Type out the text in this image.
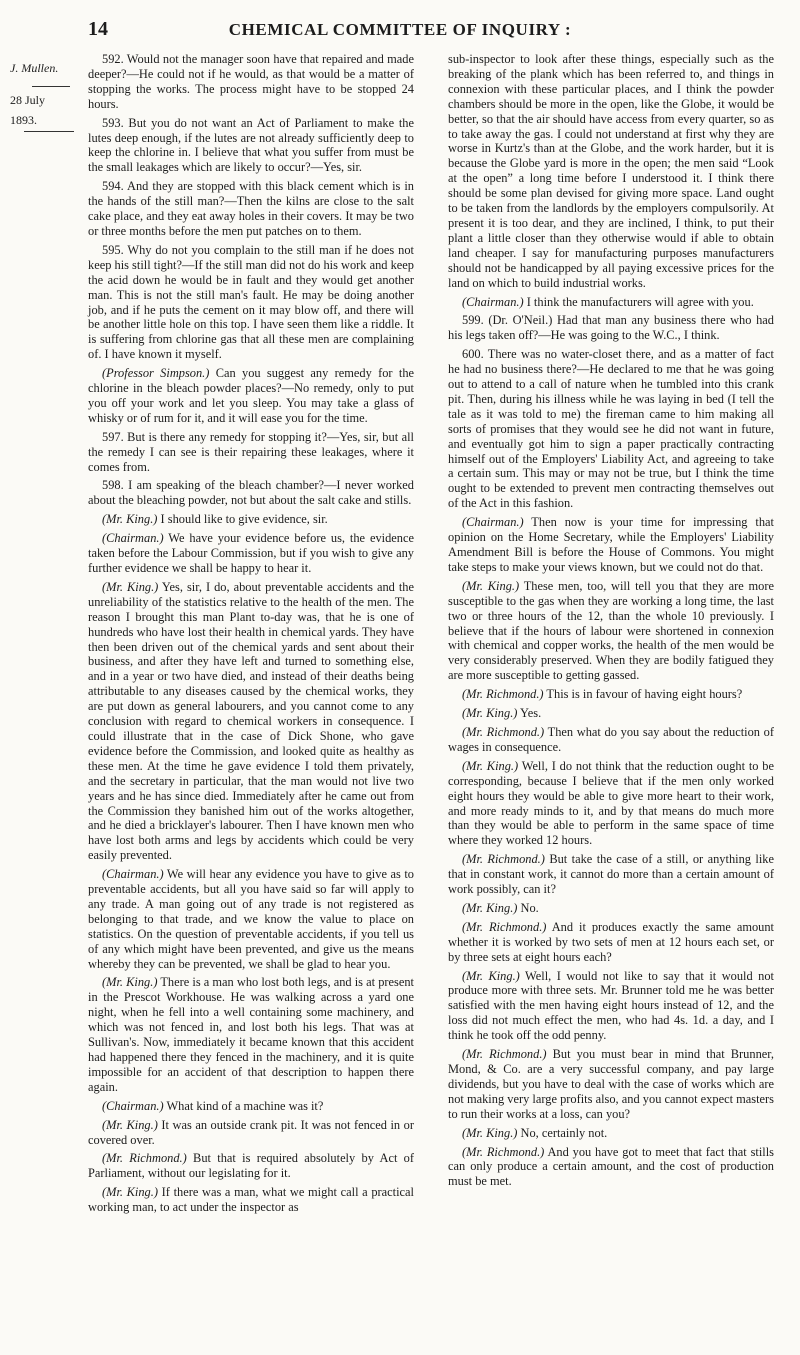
14	CHEMICAL COMMITTEE OF INQUIRY :
J. Mullen.
28 July 1893.

592. Would not the manager soon have that repaired and made deeper?—He could not if he would, as that would be a matter of stopping the works. The process might have to be stopped 24 hours.

593. But you do not want an Act of Parliament to make the lutes deep enough, if the lutes are not already sufficiently deep to keep the chlorine in. I believe that what you suffer from must be the small leakages which are likely to occur?—Yes, sir.

594. And they are stopped with this black cement which is in the hands of the still man?—Then the kilns are close to the salt cake place, and they eat away holes in their covers. It may be two or three months before the men put patches on to them.

595. Why do not you complain to the still man if he does not keep his still tight?—If the still man did not do his work and keep the acid down he would be in fault and they would get another man. This is not the still man's fault. He may be doing another job, and if he puts the cement on it may blow off, and there will be another little hole on this top. I have seen them like a riddle. It is suffering from chlorine gas that all these men are complaining of. I have known it myself.

(Professor Simpson.) Can you suggest any remedy for the chlorine in the bleach powder places?—No remedy, only to put you off your work and let you sleep. You may take a glass of whisky or of rum for it, and it will ease you for the time.

597. But is there any remedy for stopping it?—Yes, sir, but all the remedy I can see is their repairing these leakages, where it comes from.

598. I am speaking of the bleach chamber?—I never worked about the bleaching powder, not but about the salt cake and stills.

(Mr. King.) I should like to give evidence, sir.

(Chairman.) We have your evidence before us, the evidence taken before the Labour Commission, but if you wish to give any further evidence we shall be happy to hear it.

(Mr. King.) Yes, sir, I do, about preventable accidents and the unreliability of the statistics relative to the health of the men. The reason I brought this man Plant to-day was, that he is one of hundreds who have lost their health in chemical yards. They have then been driven out of the chemical yards and sent about their business, and after they have left and turned to something else, and in a year or two have died, and instead of their deaths being attributable to any diseases caused by the chemical works, they are put down as general labourers, and you cannot come to any conclusion with regard to chemical workers in consequence. I could illustrate that in the case of Dick Shone, who gave evidence before the Commission, and looked quite as healthy as these men. At the time he gave evidence I told them privately, and the secretary in particular, that the man would not live two years and he has since died. Immediately after he came out from the Commission they banished him out of the works altogether, and he died a bricklayer's labourer. Then I have known men who have lost both arms and legs by accidents which could be very easily prevented.

(Chairman.) We will hear any evidence you have to give as to preventable accidents, but all you have said so far will apply to any trade. A man going out of any trade is not registered as belonging to that trade, and we know the value to place on statistics. On the question of preventable accidents, if you tell us of any which might have been prevented, and give us the means whereby they can be prevented, we shall be glad to hear you.

(Mr. King.) There is a man who lost both legs, and is at present in the Prescot Workhouse. He was walking across a yard one night, when he fell into a well containing some machinery, and which was not fenced in, and lost both his legs. That was at Sullivan's. Now, immediately it became known that this accident had happened there they fenced in the machinery, and it is quite impossible for an accident of that description to happen there again.

(Chairman.) What kind of a machine was it?

(Mr. King.) It was an outside crank pit. It was not fenced in or covered over.

(Mr. Richmond.) But that is required absolutely by Act of Parliament, without our legislating for it.

(Mr. King.) If there was a man, what we might call a practical working man, to act under the inspector as

sub-inspector to look after these things, especially such as the breaking of the plank which has been referred to, and things in connexion with these particular places, and I think the powder chambers should be more in the open, like the Globe, it would be better, so that the air should have access from every quarter, so as to take away the gas. I could not understand at first why they are worse in Kurtz's than at the Globe, and the work harder, but it is because the Globe yard is more in the open; the men said “Look at the open” a long time before I understood it. I think there should be some plan devised for giving more space. Land ought to be taken from the landlords by the employers compulsorily. At present it is too dear, and they are inclined, I think, to put their plant a little closer than they otherwise would if able to obtain land cheaper. I say for manufacturing purposes manufacturers should not be handicapped by all paying excessive prices for the land on which to build industrial works.

(Chairman.) I think the manufacturers will agree with you.

599. (Dr. O'Neil.) Had that man any business there who had his legs taken off?—He was going to the W.C., I think.

600. There was no water-closet there, and as a matter of fact he had no business there?—He declared to me that he was going out to attend to a call of nature when he tumbled into this crank pit. Then, during his illness while he was laying in bed (I tell the tale as it was told to me) the fireman came to him making all sorts of promises that they would see he did not want in future, and eventually got him to sign a paper practically contracting himself out of the Employers' Liability Act, and agreeing to take a certain sum. This may or may not be true, but I think the time ought to be extended to prevent men contracting themselves out of the Act in this fashion.

(Chairman.) Then now is your time for impressing that opinion on the Home Secretary, while the Employers' Liability Amendment Bill is before the House of Commons. You might take steps to make your views known, but we could not do that.

(Mr. King.) These men, too, will tell you that they are more susceptible to the gas when they are working a long time, the last two or three hours of the 12, than the whole 10 previously. I believe that if the hours of labour were shortened in connexion with chemical and copper works, the health of the men would be very considerably preserved. When they are bodily fatigued they are more susceptible to getting gassed.

(Mr. Richmond.) This is in favour of having eight hours?

(Mr. King.) Yes.

(Mr. Richmond.) Then what do you say about the reduction of wages in consequence.

(Mr. King.) Well, I do not think that the reduction ought to be corresponding, because I believe that if the men only worked eight hours they would be able to give more heart to their work, and more ready minds to it, and by that means do much more than they would be able to perform in the same space of time where they worked 12 hours.

(Mr. Richmond.) But take the case of a still, or anything like that in constant work, it cannot do more than a certain amount of work possibly, can it?

(Mr. King.) No.

(Mr. Richmond.) And it produces exactly the same amount whether it is worked by two sets of men at 12 hours each set, or by three sets at eight hours each?

(Mr. King.) Well, I would not like to say that it would not produce more with three sets. Mr. Brunner told me he was better satisfied with the men having eight hours instead of 12, and the loss did not much effect the men, who had 4s. 1d. a day, and I think he took off the odd penny.

(Mr. Richmond.) But you must bear in mind that Brunner, Mond, & Co. are a very successful company, and pay large dividends, but you have to deal with the case of works which are not making very large profits also, and you cannot expect masters to run their works at a loss, can you?

(Mr. King.) No, certainly not.

(Mr. Richmond.) And you have got to meet that fact that stills can only produce a certain amount, and the cost of production must be met.
